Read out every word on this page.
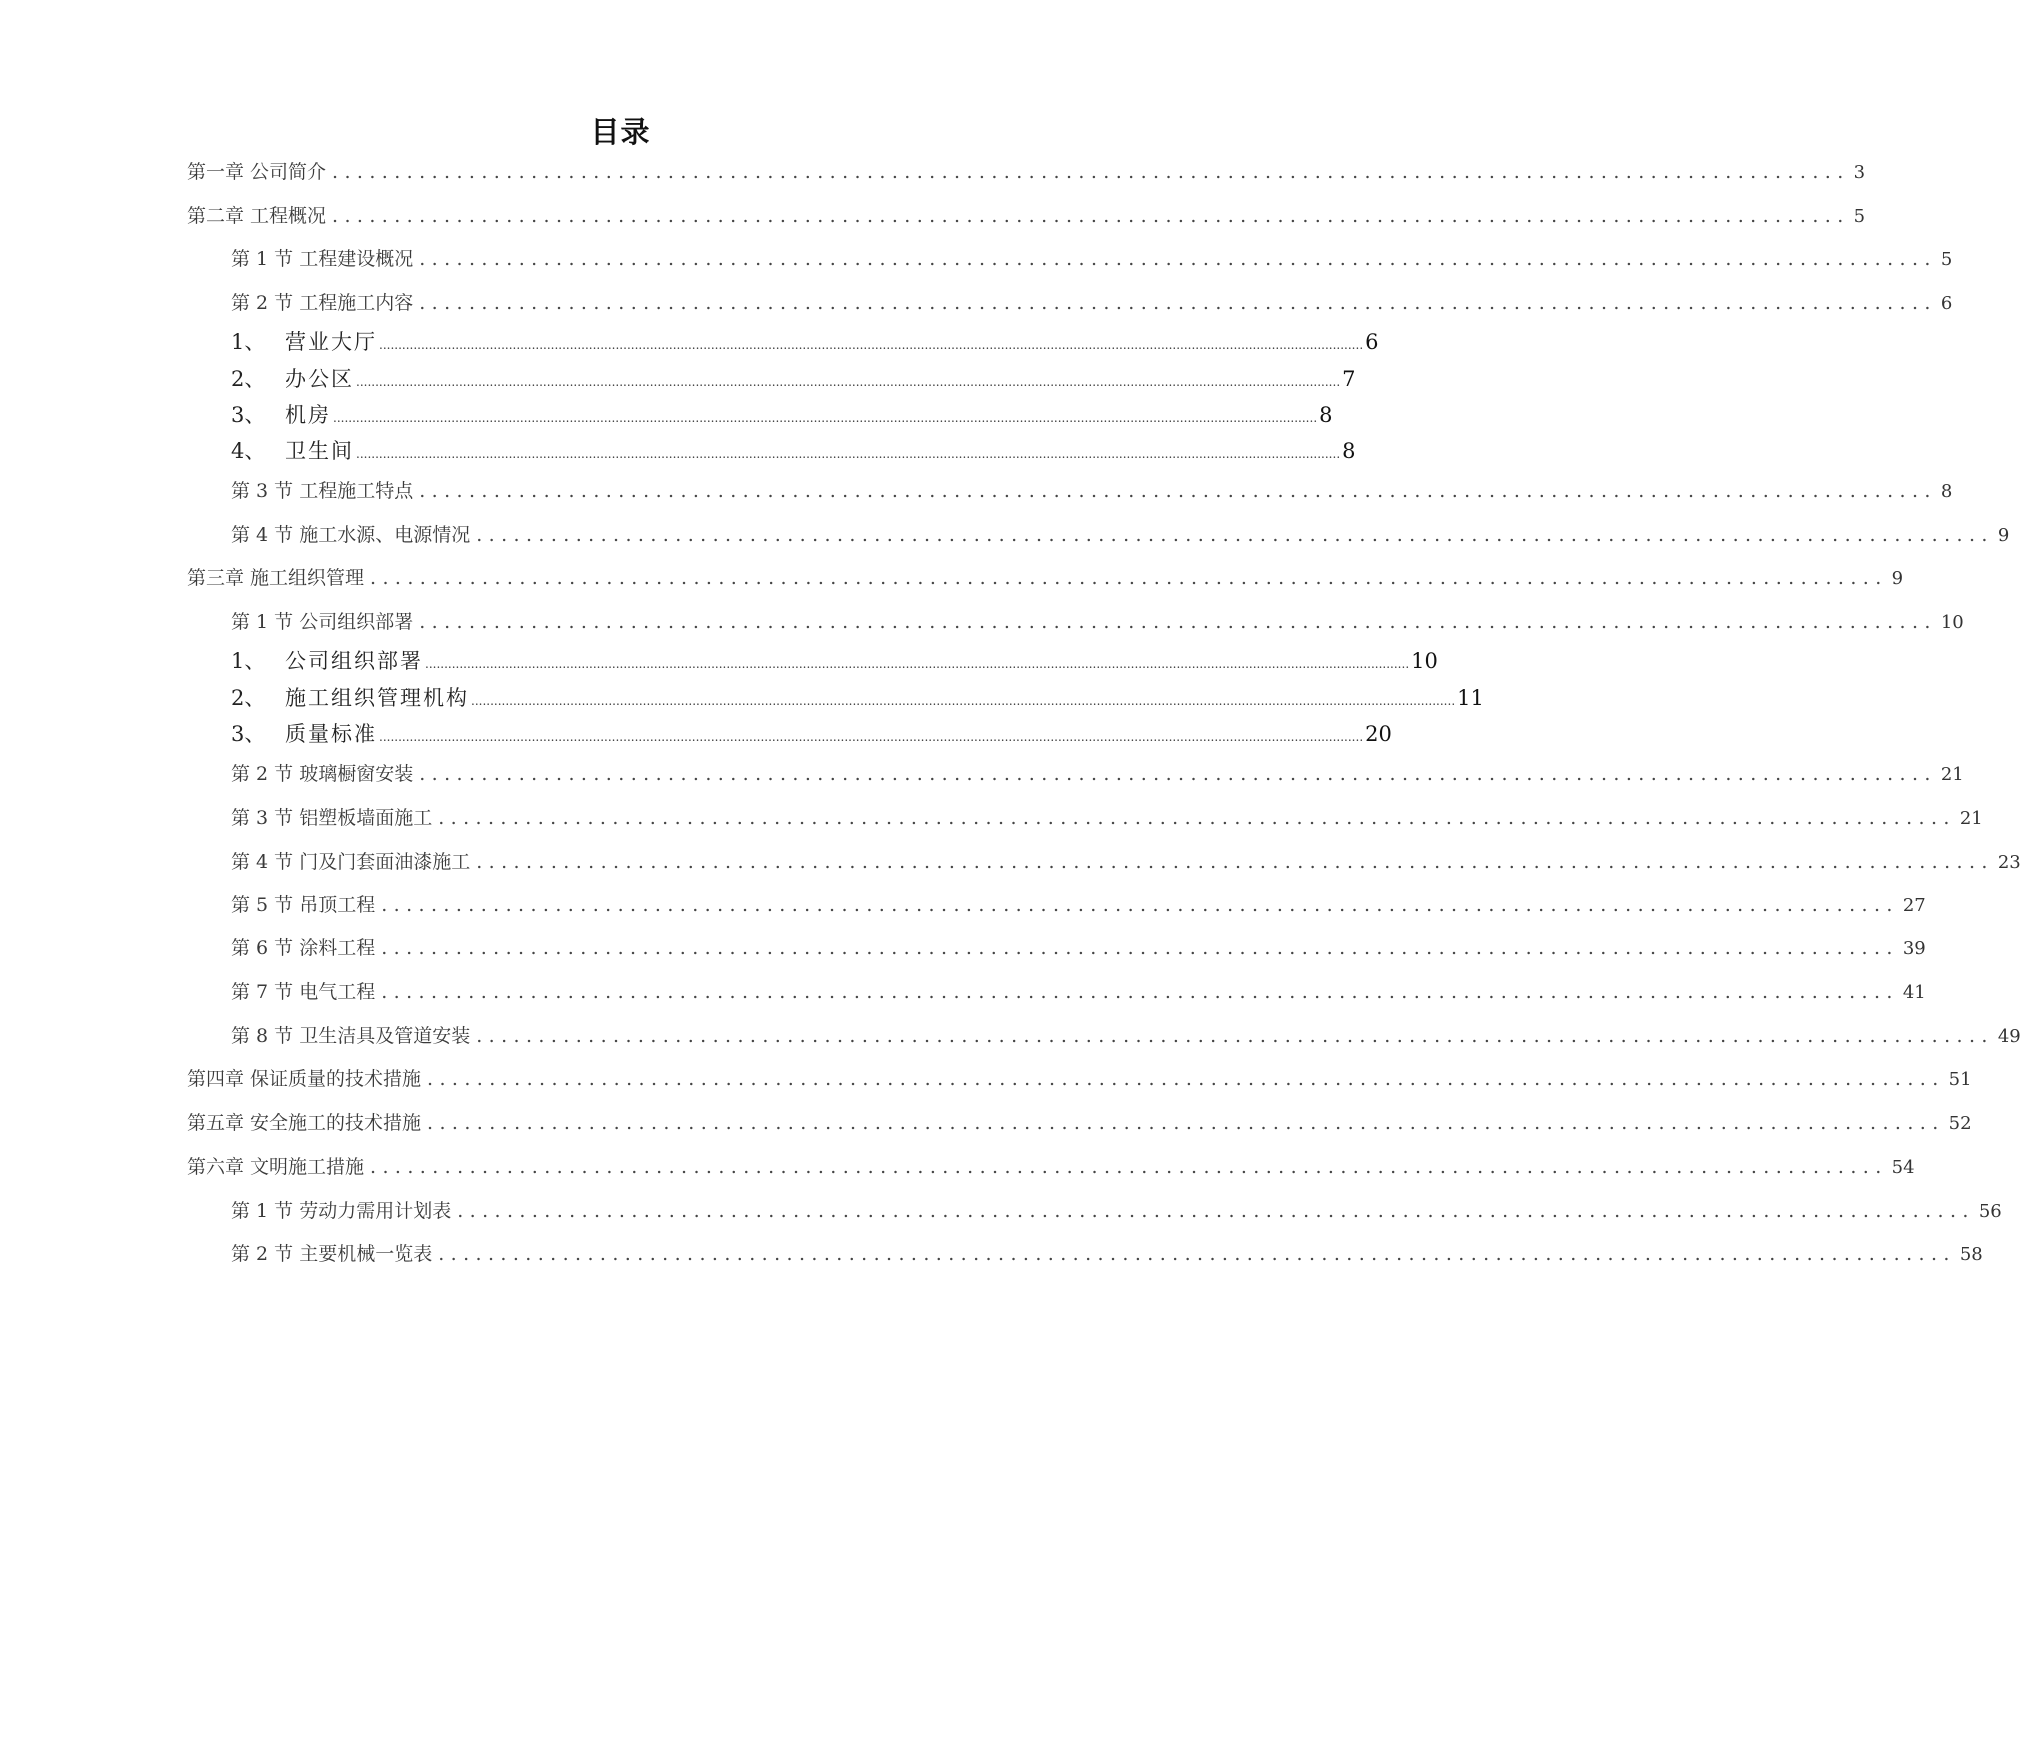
目录
第一章 公司简介 .......................................................................................................................... 3
第二章 工程概况 .......................................................................................................................... 5
第 1 节 工程建设概况 .......................................................................................................................... 5
第 2 节 工程施工内容 .......................................................................................................................... 6
1、 营业大厅 .................................................................................................................................................................................................................................................................. 6
2、 办公区 .................................................................................................................................................................................................................................................................. 7
3、 机房 .................................................................................................................................................................................................................................................................. 8
4、 卫生间 .................................................................................................................................................................................................................................................................. 8
第 3 节 工程施工特点 .......................................................................................................................... 8
第 4 节 施工水源、电源情况 .......................................................................................................................... 9
第三章 施工组织管理 .......................................................................................................................... 9
第 1 节 公司组织部署 .......................................................................................................................... 10
1、 公司组织部署 .................................................................................................................................................................................................................................................................. 10
2、 施工组织管理机构 .................................................................................................................................................................................................................................................................. 11
3、 质量标准 .................................................................................................................................................................................................................................................................. 20
第 2 节 玻璃橱窗安装 .......................................................................................................................... 21
第 3 节 铝塑板墙面施工 .......................................................................................................................... 21
第 4 节 门及门套面油漆施工 .......................................................................................................................... 23
第 5 节 吊顶工程 .......................................................................................................................... 27
第 6 节 涂料工程 .......................................................................................................................... 39
第 7 节 电气工程 .......................................................................................................................... 41
第 8 节 卫生洁具及管道安装 .......................................................................................................................... 49
第四章 保证质量的技术措施 .......................................................................................................................... 51
第五章 安全施工的技术措施 .......................................................................................................................... 52
第六章 文明施工措施 .......................................................................................................................... 54
第 1 节 劳动力需用计划表 .......................................................................................................................... 56
第 2 节 主要机械一览表 .......................................................................................................................... 58
